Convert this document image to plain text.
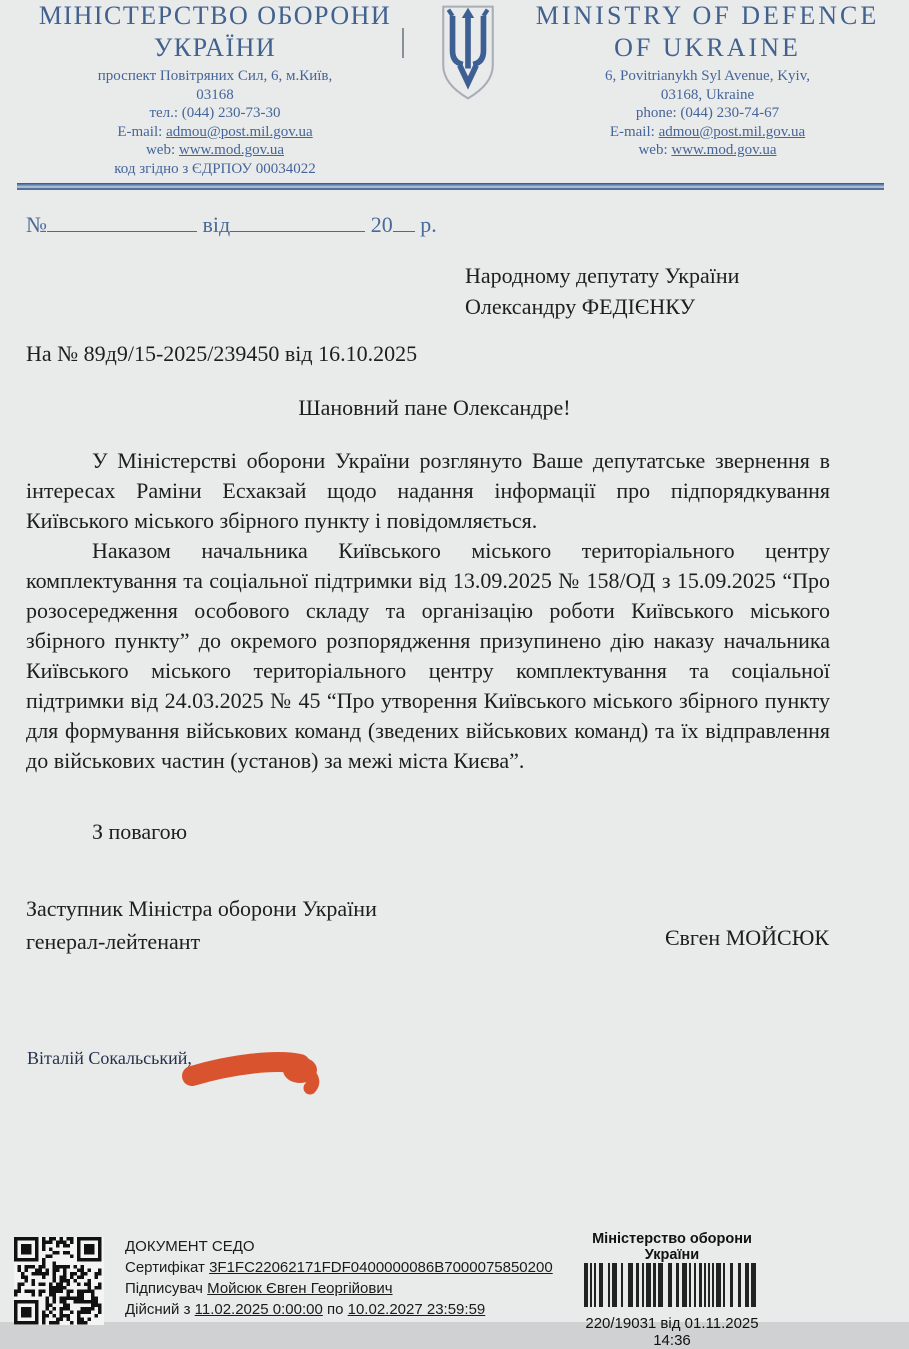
МІНІСТЕРСТВО ОБОРОНИ
УКРАЇНИ
проспект Повітряних Сил, 6, м.Київ,
03168
тел.: (044) 230-73-30
E-mail: admou@post.mil.gov.ua
web: www.mod.gov.ua
код згідно з ЄДРПОУ 00034022
MINISTRY OF DEFENCE
OF UKRAINE
6, Povitrianykh Syl Avenue, Kyiv,
03168, Ukraine
phone: (044) 230-74-67
E-mail: admou@post.mil.gov.ua
web: www.mod.gov.ua
№	від	20 р.
Народному депутату України
Олександру ФЕДІЄНКУ
На № 89д9/15-2025/239450 від 16.10.2025
Шановний пане Олександре!

У Міністерстві оборони України розглянуто Ваше депутатське звернення в інтересах Раміни Есхакзай щодо надання інформації про підпорядкування Київського міського збірного пункту і повідомляється.

Наказом начальника Київського міського територіального центру комплектування та соціальної підтримки від 13.09.2025 № 158/ОД з 15.09.2025 “Про розосередження особового складу та організацію роботи Київського міського збірного пункту” до окремого розпорядження призупинено дію наказу начальника Київського міського територіального центру комплектування та соціальної підтримки від 24.03.2025 № 45 “Про утворення Київського міського збірного пункту для формування військових команд (зведених військових команд) та їх відправлення до військових частин (установ) за межі міста Києва”.

З повагою
Заступник Міністра оборони України
генерал-лейтенант	Євген МОЙСЮК
Віталій Сокальський,
ДОКУМЕНТ СЕДО
Сертифікат 3F1FC22062171FDF0400000086B7000075850200
Підписувач Мойсюк Євген Георгійович
Дійсний з 11.02.2025 0:00:00 по 10.02.2027 23:59:59
Міністерство оборони України
220/19031 від 01.11.2025 14:36
